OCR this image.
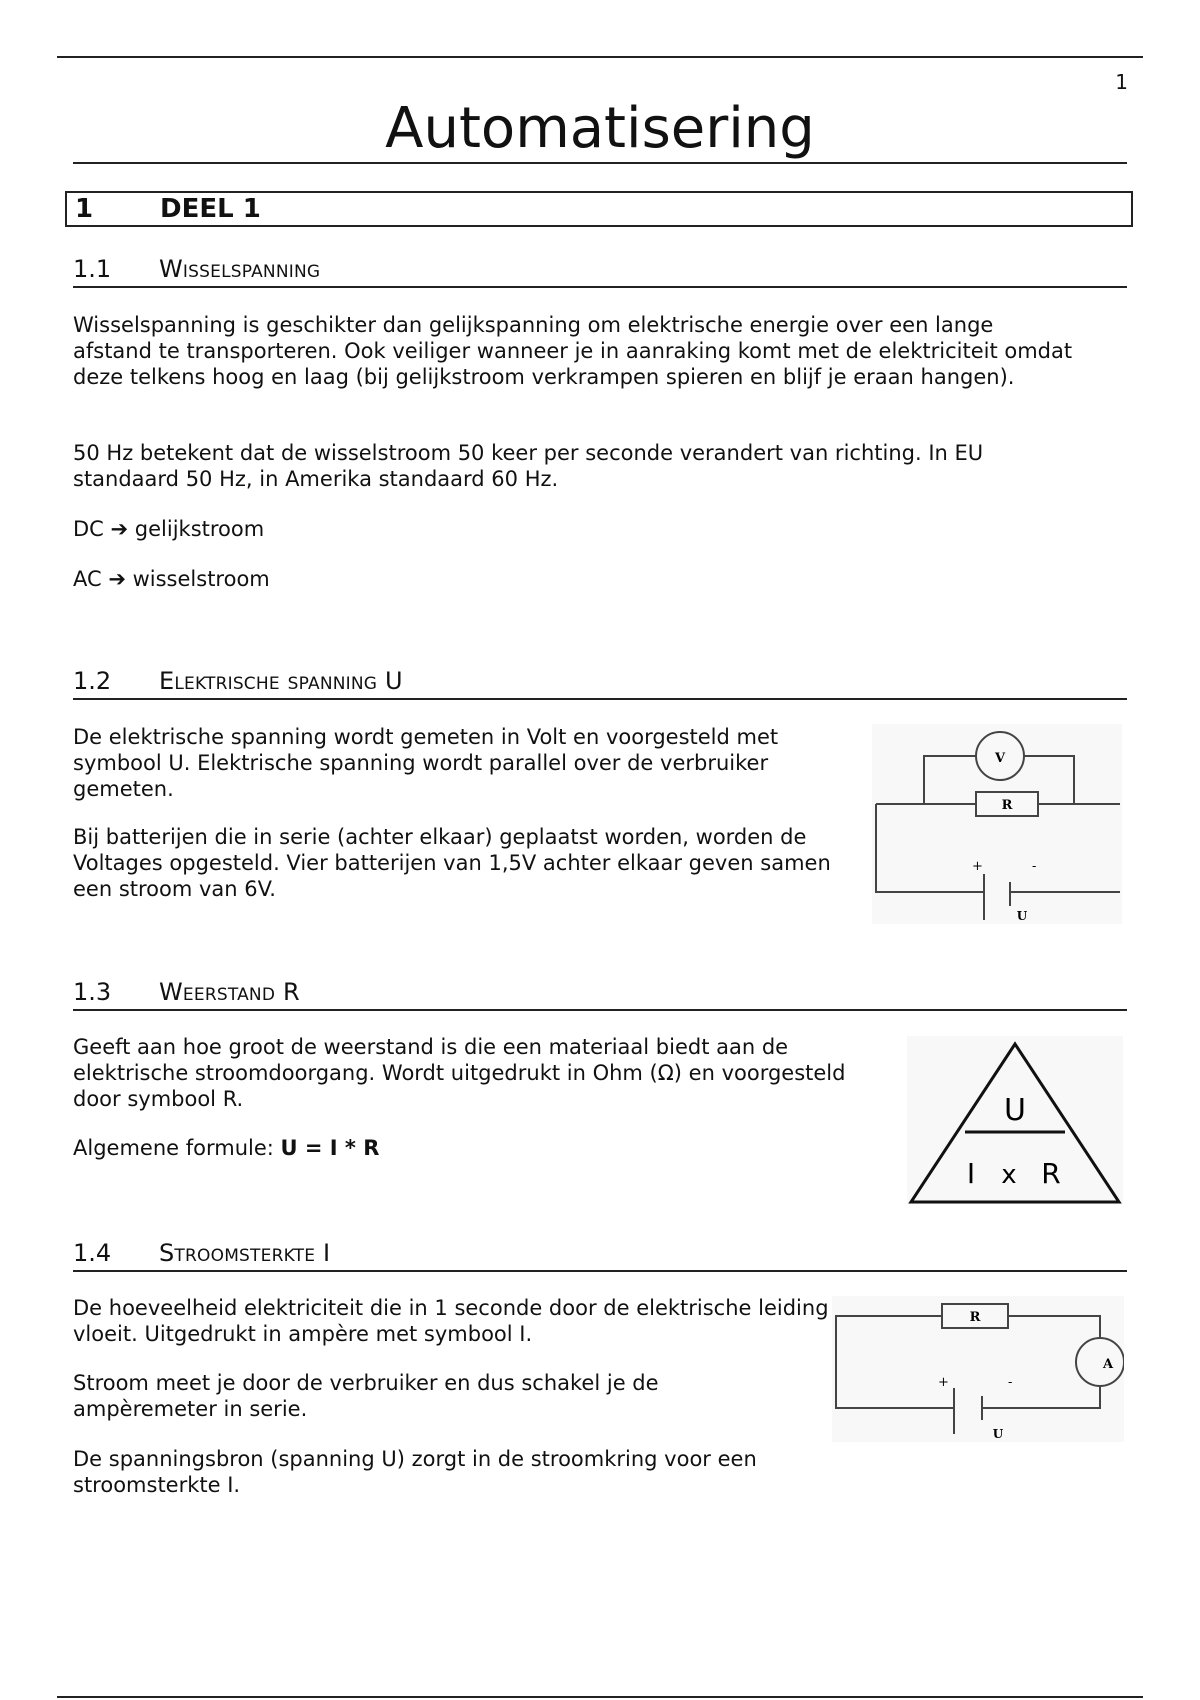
1
Automatisering
1	DEEL 1
1.1 Wisselspanning

Wisselspanning is geschikter dan gelijkspanning om elektrische energie over een lange afstand te transporteren. Ook veiliger wanneer je in aanraking komt met de elektriciteit omdat deze telkens hoog en laag (bij gelijkstroom verkrampen spieren en blijf je eraan hangen).

50 Hz betekent dat de wisselstroom 50 keer per seconde verandert van richting. In EU standaard 50 Hz, in Amerika standaard 60 Hz.

DC ➔ gelijkstroom

AC ➔ wisselstroom

1.2 Elektrische spanning U

De elektrische spanning wordt gemeten in Volt en voorgesteld met symbool U. Elektrische spanning wordt parallel over de verbruiker gemeten.

Bij batterijen die in serie (achter elkaar) geplaatst worden, worden de Voltages opgesteld. Vier batterijen van 1,5V achter elkaar geven samen een stroom van 6V.

V
R
+	-
U
1.3 Weerstand R

Geeft aan hoe groot de weerstand is die een materiaal biedt aan de elektrische stroomdoorgang. Wordt uitgedrukt in Ohm (Ω) en voorgesteld door symbool R.

Algemene formule: U = I * R

U
I x R
1.4 Stroomsterkte I

De hoeveelheid elektriciteit die in 1 seconde door de elektrische leiding vloeit. Uitgedrukt in ampère met symbool I.

Stroom meet je door de verbruiker en dus schakel je de ampèremeter in serie.

De spanningsbron (spanning U) zorgt in de stroomkring voor een stroomsterkte I.

R
A
+	-
U
